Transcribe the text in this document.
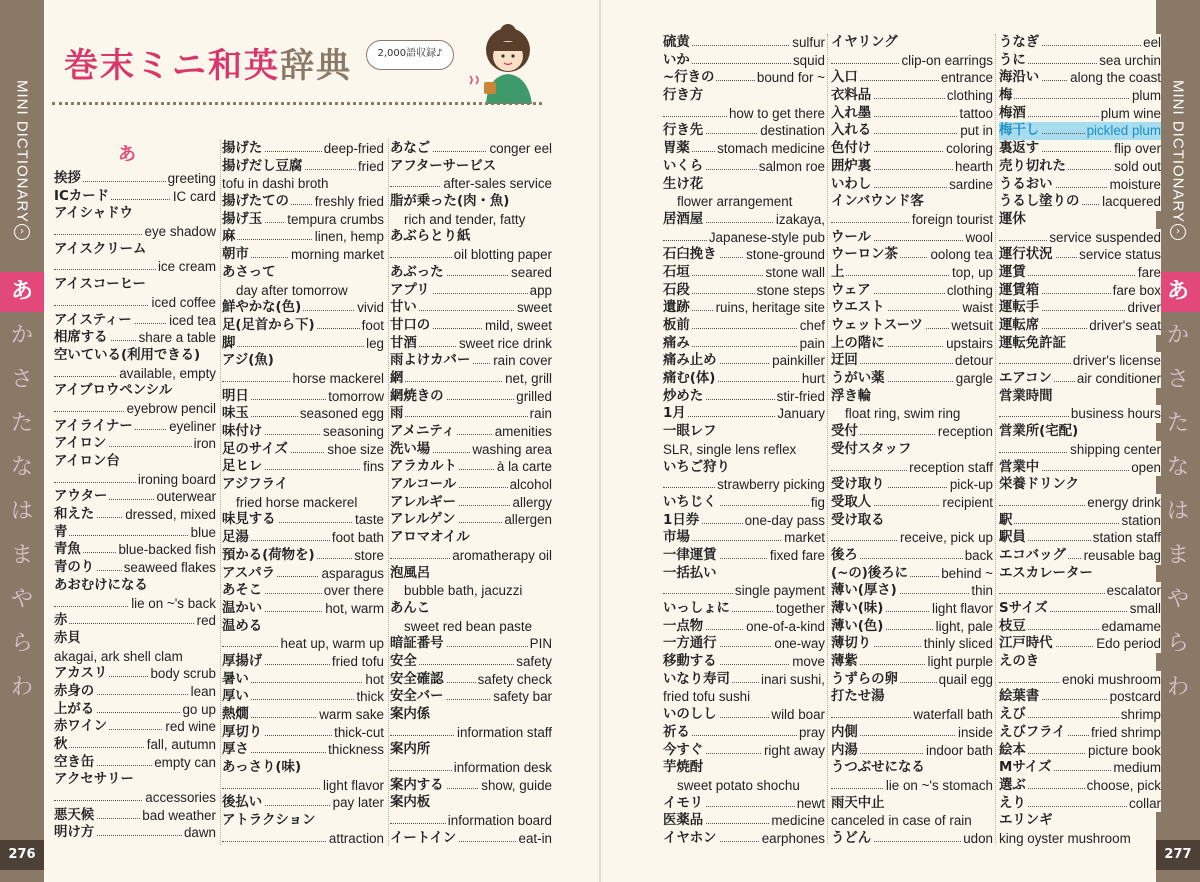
MINI DICTIONARY
›
あ
か
さ
た
な
は
ま
や
ら
わ
276
MINI DICTIONARY
›
あ
か
さ
た
な
は
ま
や
ら
わ
277
巻末ミニ和英辞典	2,000語収録♪
あ
挨拶	greeting
ICカード	IC card
アイシャドウ
eye shadow
アイスクリーム
ice cream
アイスコーヒー
iced coffee
アイスティー	iced tea
相席する share a table
空いている(利用できる)
available, empty
アイブロウペンシル
eyebrow pencil
アイライナー	eyeliner
アイロン	iron
アイロン台
ironing board
アウター	outerwear
和えた dressed, mixed
青	blue
青魚	blue-backed fish
青のり seaweed flakes
あおむけになる
lie on ~'s back
赤	red
赤貝
akagai, ark shell clam
アカスリ	body scrub
赤身の	lean
上がる	go up
赤ワイン	red wine
秋	fall, autumn
空き缶	empty can
アクセサリー
accessories
悪天候	bad weather
明け方	dawn
揚げた	deep-fried
揚げだし豆腐	fried
tofu in dashi broth
揚げたての freshly fried
揚げ玉 tempura crumbs
麻	linen, hemp
朝市	morning market
あさって
day after tomorrow
鮮やかな(色)	vivid
足(足首から下)	foot
脚	leg
アジ(魚)
horse mackerel
明日	tomorrow
味玉	seasoned egg
味付け	seasoning
足のサイズ	shoe size
足ヒレ	fins
アジフライ
fried horse mackerel
味見する	taste
足湯	foot bath
預かる(荷物を)	store
アスパラ	asparagus
あそこ	over there
温かい	hot, warm
温める
heat up, warm up
厚揚げ	fried tofu
暑い	hot
厚い	thick
熱燗	warm sake
厚切り	thick-cut
厚さ	thickness
あっさり(味)
light flavor
後払い	pay later
アトラクション
attraction
あなご	conger eel
アフターサービス
after-sales service
脂が乗った(肉・魚)
rich and tender, fatty
あぶらとり紙
oil blotting paper
あぶった	seared
アプリ	app
甘い	sweet
甘口の	mild, sweet
甘酒	sweet rice drink
雨よけカバー rain cover
網	net, grill
網焼きの	grilled
雨	rain
アメニティ	amenities
洗い場	washing area
アラカルト	à la carte
アルコール	alcohol
アレルギー	allergy
アレルゲン	allergen
アロマオイル
aromatherapy oil
泡風呂
bubble bath, jacuzzi
あんこ
sweet red bean paste
暗証番号	PIN
安全	safety
安全確認	safety check
安全バー	safety bar
案内係
information staff
案内所
information desk
案内する	show, guide
案内板
information board
イートイン	eat-in
硫黄	sulfur
いか	squid
~行きの	bound for ~
行き方
how to get there
行き先	destination
胃薬 stomach medicine
いくら	salmon roe
生け花
flower arrangement
居酒屋	izakaya,
Japanese-style pub
石臼挽き stone-ground
石垣	stone wall
石段	stone steps
遺跡 ruins, heritage site
板前	chef
痛み	pain
痛み止め	painkiller
痛む(体)	hurt
炒めた	stir-fried
1月	January
一眼レフ
SLR, single lens reflex
いちご狩り
strawberry picking
いちじく	fig
1日券	one-day pass
市場	market
一律運賃	fixed fare
一括払い
single payment
いっしょに	together
一点物	one-of-a-kind
一方通行	one-way
移動する	move
いなり寿司 inari sushi,
fried tofu sushi
いのしし	wild boar
祈る	pray
今すぐ	right away
芋焼酎
sweet potato shochu
イモリ	newt
医薬品	medicine
イヤホン	earphones
イヤリング
clip-on earrings
入口	entrance
衣料品	clothing
入れ墨	tattoo
入れる	put in
色付け	coloring
囲炉裏	hearth
いわし	sardine
インバウンド客
foreign tourist
ウール	wool
ウーロン茶 oolong tea
上	top, up
ウェア	clothing
ウエスト	waist
ウェットスーツ wetsuit
上の階に	upstairs
迂回	detour
うがい薬	gargle
浮き輪
float ring, swim ring
受付	reception
受付スタッフ
reception staff
受け取り	pick-up
受取人	recipient
受け取る
receive, pick up
後ろ	back
(~の)後ろに behind ~
薄い(厚さ)	thin
薄い(味)	light flavor
薄い(色)	light, pale
薄切り	thinly sliced
薄紫	light purple
うずらの卵	quail egg
打たせ湯
waterfall bath
内側	inside
内湯	indoor bath
うつぶせになる
lie on ~'s stomach
雨天中止
canceled in case of rain
うどん	udon
うなぎ	eel
うに	sea urchin
海沿い along the coast
梅	plum
梅酒	plum wine
梅干し	pickled plum
裏返す	flip over
売り切れた	sold out
うるおい	moisture
うるし塗りの lacquered
運休
service suspended
運行状況 service status
運賃	fare
運賃箱	fare box
運転手	driver
運転席	driver's seat
運転免許証
driver's license
エアコン air conditioner
営業時間
business hours
営業所(宅配)
shipping center
営業中	open
栄養ドリンク
energy drink
駅	station
駅員	station staff
エコバッグ reusable bag
エスカレーター
escalator
Sサイズ	small
枝豆	edamame
江戸時代	Edo period
えのき
enoki mushroom
絵葉書	postcard
えび	shrimp
えびフライ fried shrimp
絵本	picture book
Mサイズ	medium
選ぶ	choose, pick
えり	collar
エリンギ
king oyster mushroom
